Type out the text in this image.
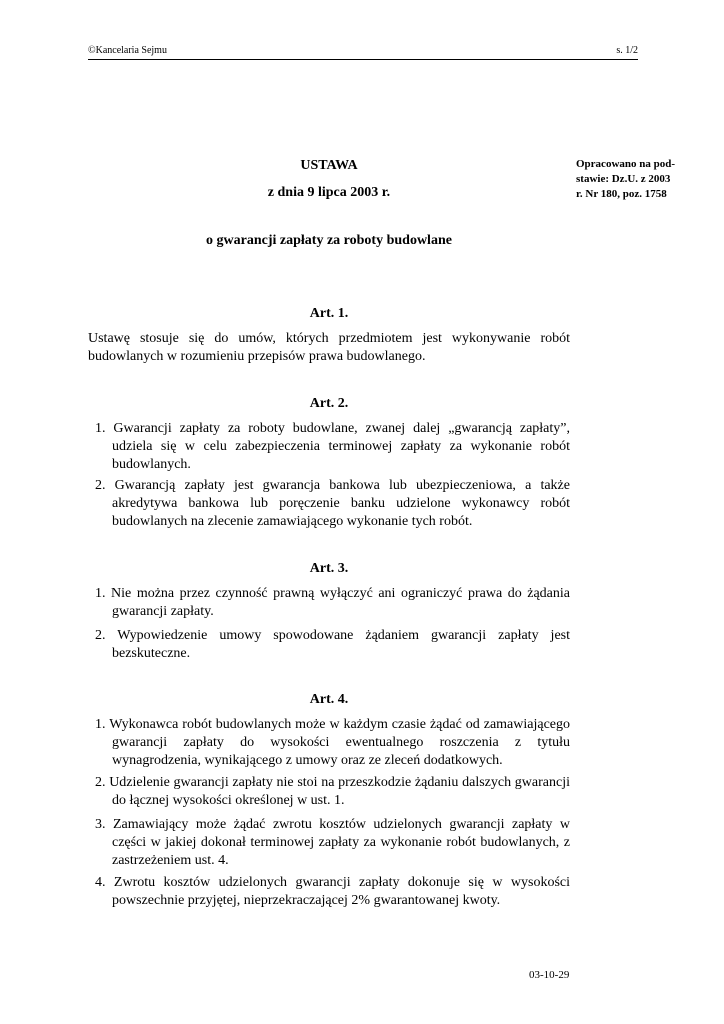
©Kancelaria Sejmu	s. 1/2
USTAWA
z dnia 9 lipca 2003 r.
o gwarancji zapłaty za roboty budowlane
Opracowano na pod-
stawie: Dz.U. z 2003
r. Nr 180, poz. 1758
Art. 1.
Ustawę stosuje się do umów, których przedmiotem jest wykonywanie robót budowlanych w rozumieniu przepisów prawa budowlanego.
Art. 2.
1. Gwarancji zapłaty za roboty budowlane, zwanej dalej „gwarancją zapłaty”, udziela się w celu zabezpieczenia terminowej zapłaty za wykonanie robót budowlanych.
2. Gwarancją zapłaty jest gwarancja bankowa lub ubezpieczeniowa, a także akredytywa bankowa lub poręczenie banku udzielone wykonawcy robót budowlanych na zlecenie zamawiającego wykonanie tych robót.
Art. 3.
1. Nie można przez czynność prawną wyłączyć ani ograniczyć prawa do żądania gwarancji zapłaty.
2. Wypowiedzenie umowy spowodowane żądaniem gwarancji zapłaty jest bezskuteczne.
Art. 4.
1. Wykonawca robót budowlanych może w każdym czasie żądać od zamawiającego gwarancji zapłaty do wysokości ewentualnego roszczenia z tytułu wynagrodzenia, wynikającego z umowy oraz ze zleceń dodatkowych.
2. Udzielenie gwarancji zapłaty nie stoi na przeszkodzie żądaniu dalszych gwarancji do łącznej wysokości określonej w ust. 1.
3. Zamawiający może żądać zwrotu kosztów udzielonych gwarancji zapłaty w części w jakiej dokonał terminowej zapłaty za wykonanie robót budowlanych, z zastrzeżeniem ust. 4.
4. Zwrotu kosztów udzielonych gwarancji zapłaty dokonuje się w wysokości powszechnie przyjętej, nieprzekraczającej 2% gwarantowanej kwoty.
03-10-29
